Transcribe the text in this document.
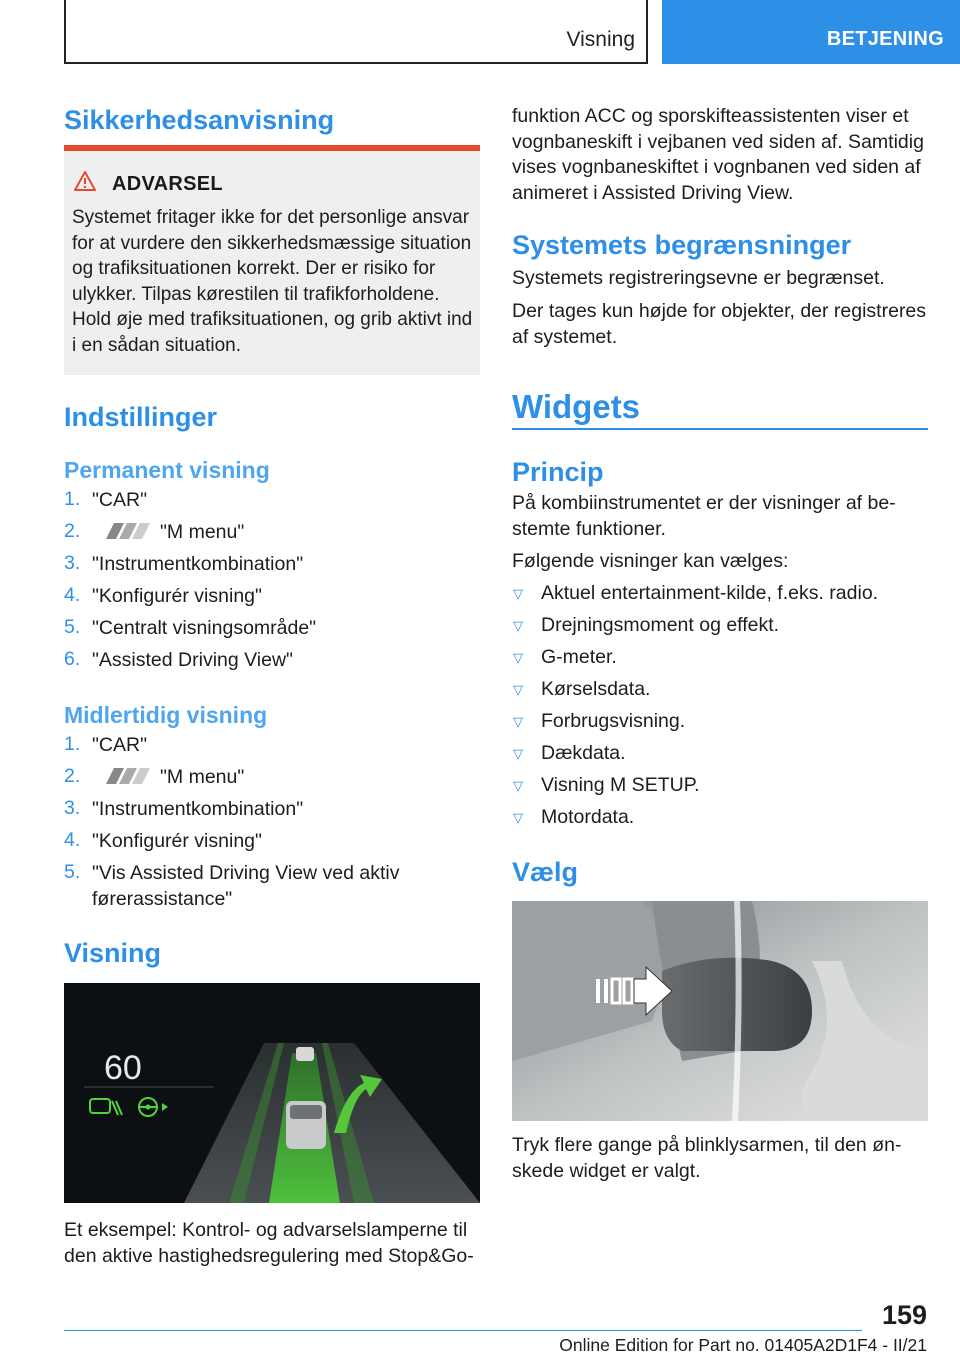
Visning	BETJENING
Sikkerhedsanvisning
ADVARSEL
Systemet fritager ikke for det personlige ansvar
for at vurdere den sikkerhedsmæssige situation
og trafiksituationen korrekt. Der er risiko for
ulykker. Tilpas kørestilen til trafikforholdene.
Hold øje med trafiksituationen, og grib aktivt ind
i en sådan situation.
Indstillinger
Permanent visning
1. "CAR"
2.	"M menu"
3. "Instrumentkombination"
4. "Konfigurér visning"
5. "Centralt visningsområde"
6. "Assisted Driving View"
Midlertidig visning
1. "CAR"
2.	"M menu"
3. "Instrumentkombination"
4. "Konfigurér visning"
5. "Vis Assisted Driving View ved aktiv
førerassistance"
Visning
60
Et eksempel: Kontrol- og advarselslamperne til
den aktive hastighedsregulering med Stop&Go-
funktion ACC og sporskifteassistenten viser et
vognbaneskift i vejbanen ved siden af. Samtidig
vises vognbaneskiftet i vognbanen ved siden af
animeret i Assisted Driving View.
Systemets begrænsninger
Systemets registreringsevne er begrænset.
Der tages kun højde for objekter, der registreres
af systemet.
Widgets
Princip
På kombiinstrumentet er der visninger af be-
stemte funktioner.
Følgende visninger kan vælges:
▽ Aktuel entertainment-kilde, f.eks. radio.
▽ Drejningsmoment og effekt.
▽ G-meter.
▽ Kørselsdata.
▽ Forbrugsvisning.
▽ Dækdata.
▽ Visning M SETUP.
▽ Motordata.
Vælg
Tryk flere gange på blinklysarmen, til den øn-
skede widget er valgt.
159
Online Edition for Part no. 01405A2D1F4 - II/21
